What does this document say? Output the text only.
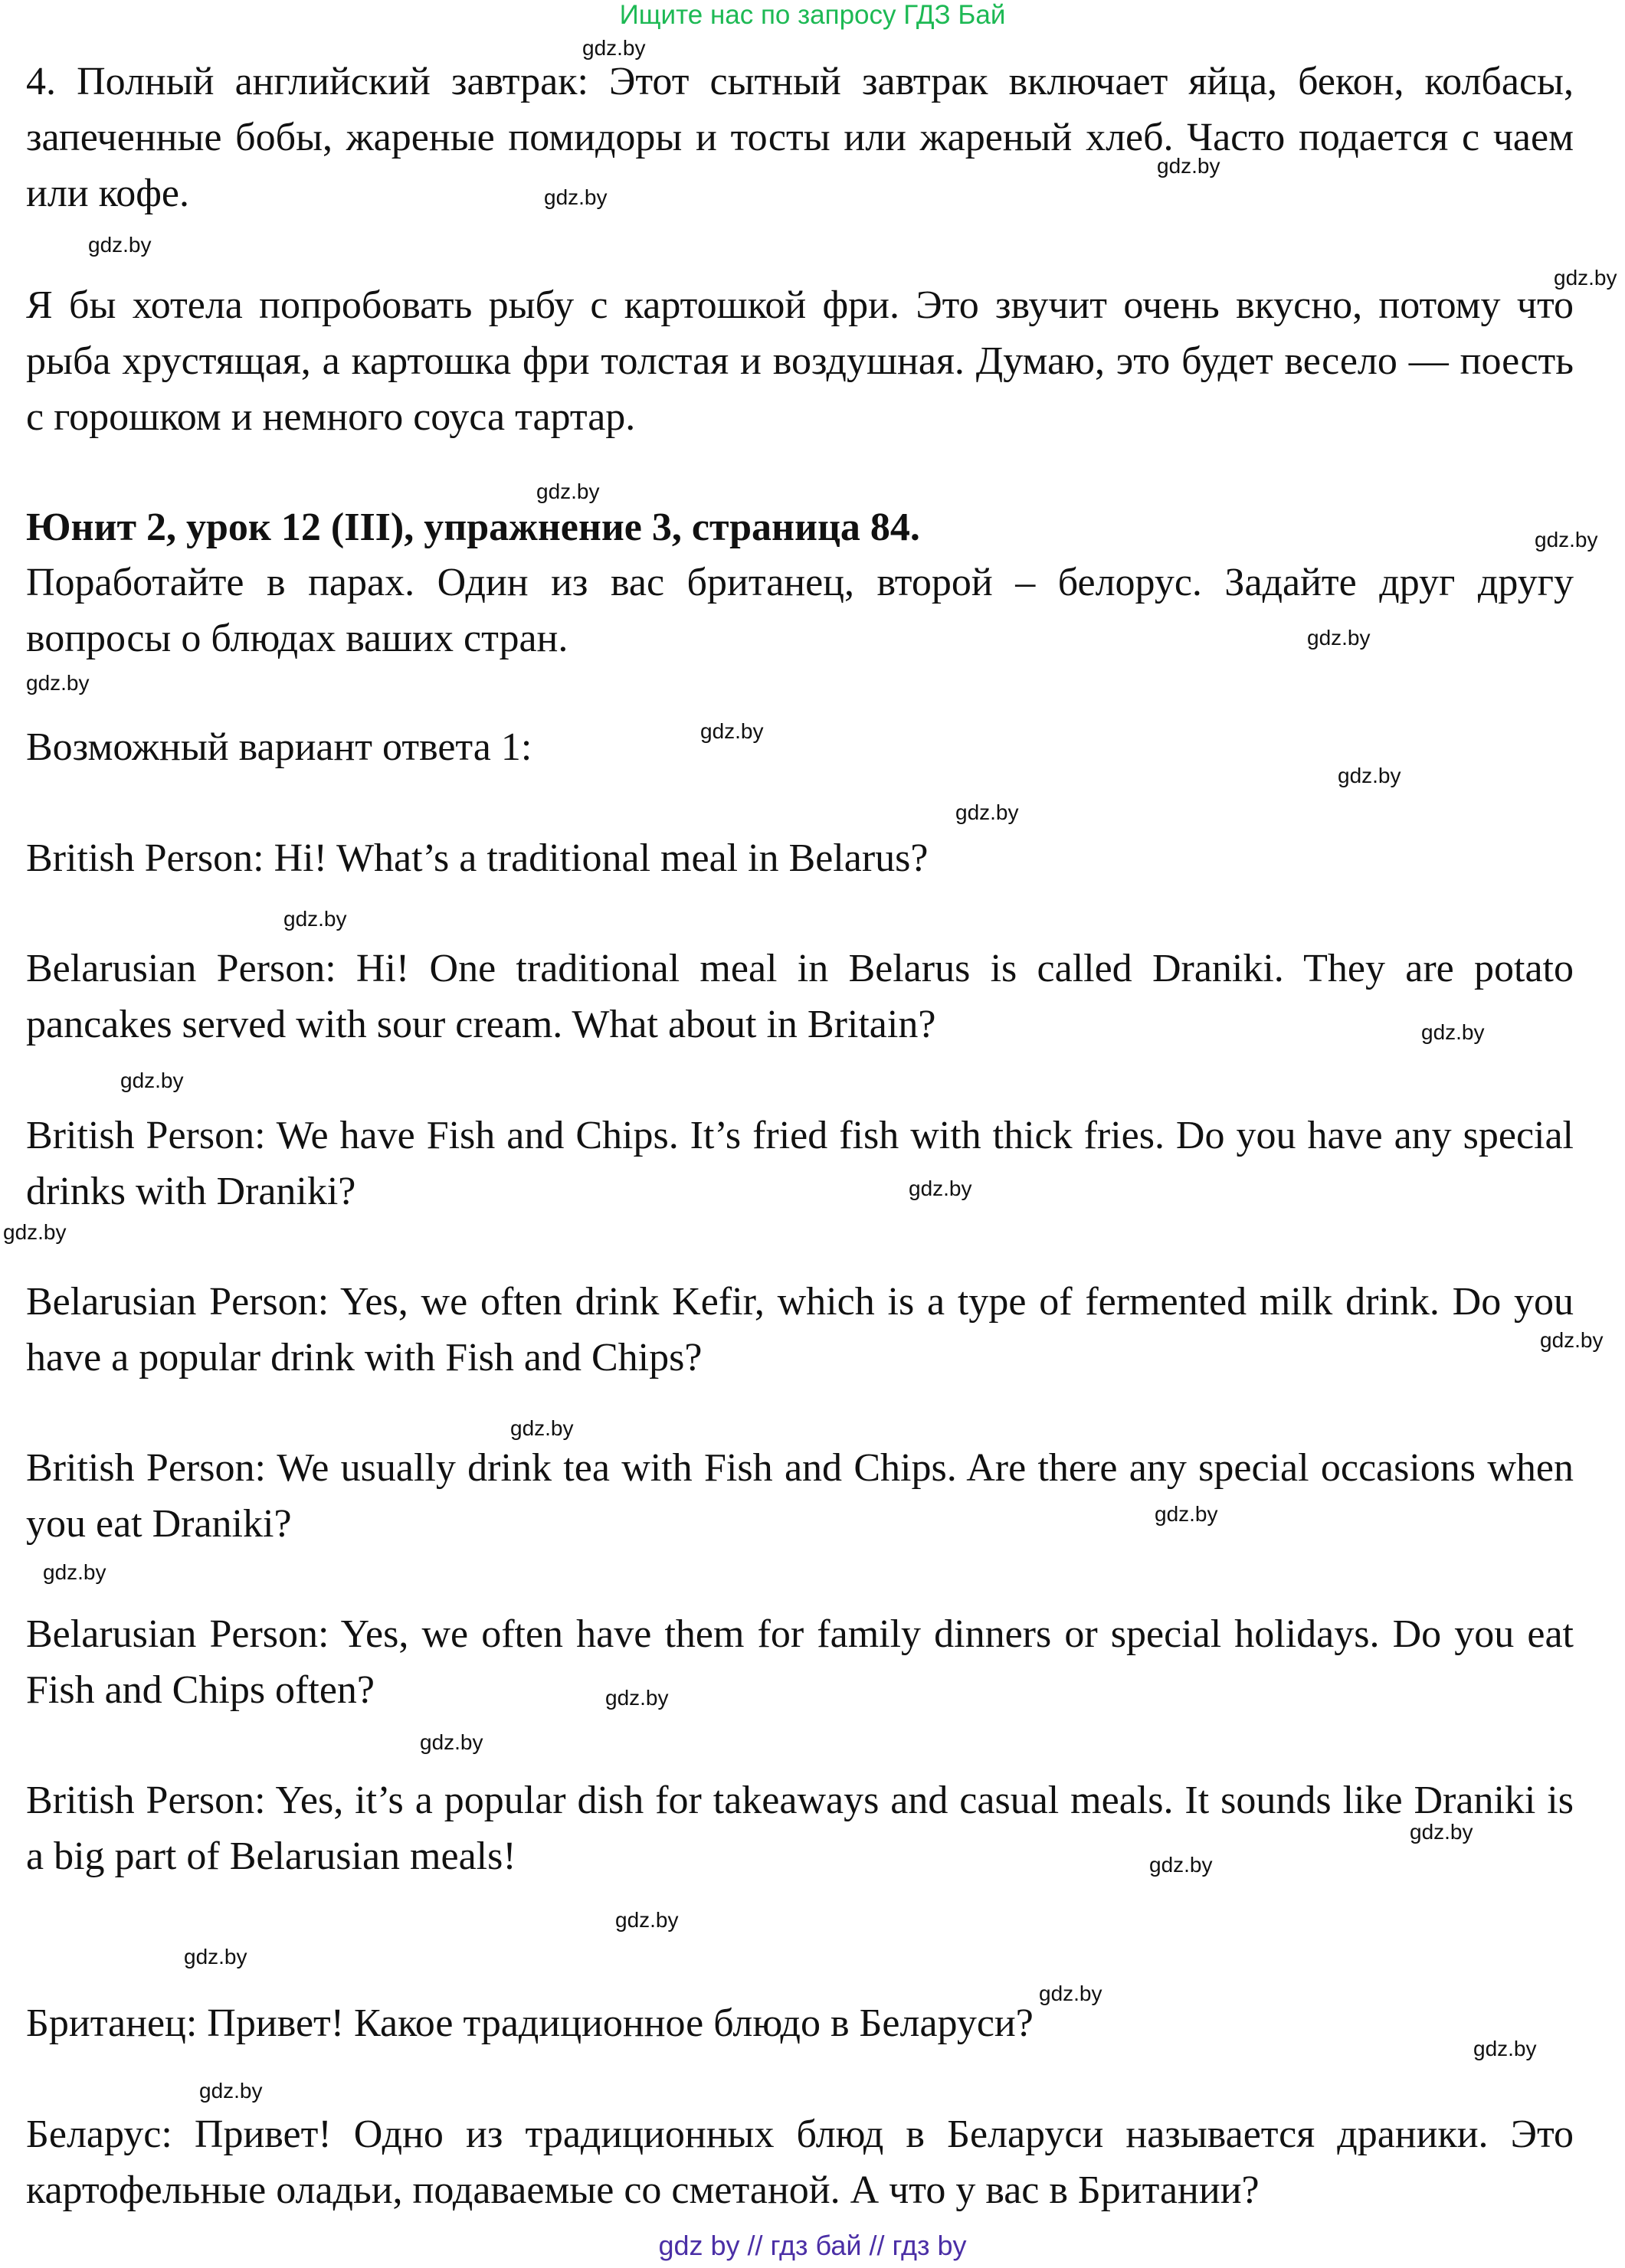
Ищите нас по запросу ГДЗ Бай

4. Полный английский завтрак: Этот сытный завтрак включает яйца, бекон, колбасы, запеченные бобы, жареные помидоры и тосты или жареный хлеб. Часто подается с чаем или кофе.

Я бы хотела попробовать рыбу с картошкой фри. Это звучит очень вкусно, потому что рыба хрустящая, а картошка фри толстая и воздушная. Думаю, это будет весело — поесть с горошком и немного соуса тартар.

Юнит 2, урок 12 (III), упражнение 3, страница 84.

Поработайте в парах. Один из вас британец, второй – белорус. Задайте друг другу вопросы о блюдах ваших стран.

Возможный вариант ответа 1:

British Person: Hi! What’s a traditional meal in Belarus?

Belarusian Person: Hi! One traditional meal in Belarus is called Draniki. They are potato pancakes served with sour cream. What about in Britain?

British Person: We have Fish and Chips. It’s fried fish with thick fries. Do you have any special drinks with Draniki?

Belarusian Person: Yes, we often drink Kefir, which is a type of fermented milk drink. Do you have a popular drink with Fish and Chips?

British Person: We usually drink tea with Fish and Chips. Are there any special occasions when you eat Draniki?

Belarusian Person: Yes, we often have them for family dinners or special holidays. Do you eat Fish and Chips often?

British Person: Yes, it’s a popular dish for takeaways and casual meals. It sounds like Draniki is a big part of Belarusian meals!

Британец: Привет! Какое традиционное блюдо в Беларуси?

Беларус: Привет! Одно из традиционных блюд в Беларуси называется драники. Это картофельные оладьи, подаваемые со сметаной. А что у вас в Британии?

gdz.by
gdz.by
gdz.by
gdz.by
gdz.by
gdz.by
gdz.by
gdz.by
gdz.by
gdz.by
gdz.by
gdz.by
gdz.by
gdz.by
gdz.by
gdz.by
gdz.by
gdz.by
gdz.by
gdz.by
gdz.by
gdz.by
gdz.by
gdz.by
gdz.by
gdz.by
gdz.by
gdz.by
gdz.by
gdz.by
gdz by // гдз бай // гдз by
